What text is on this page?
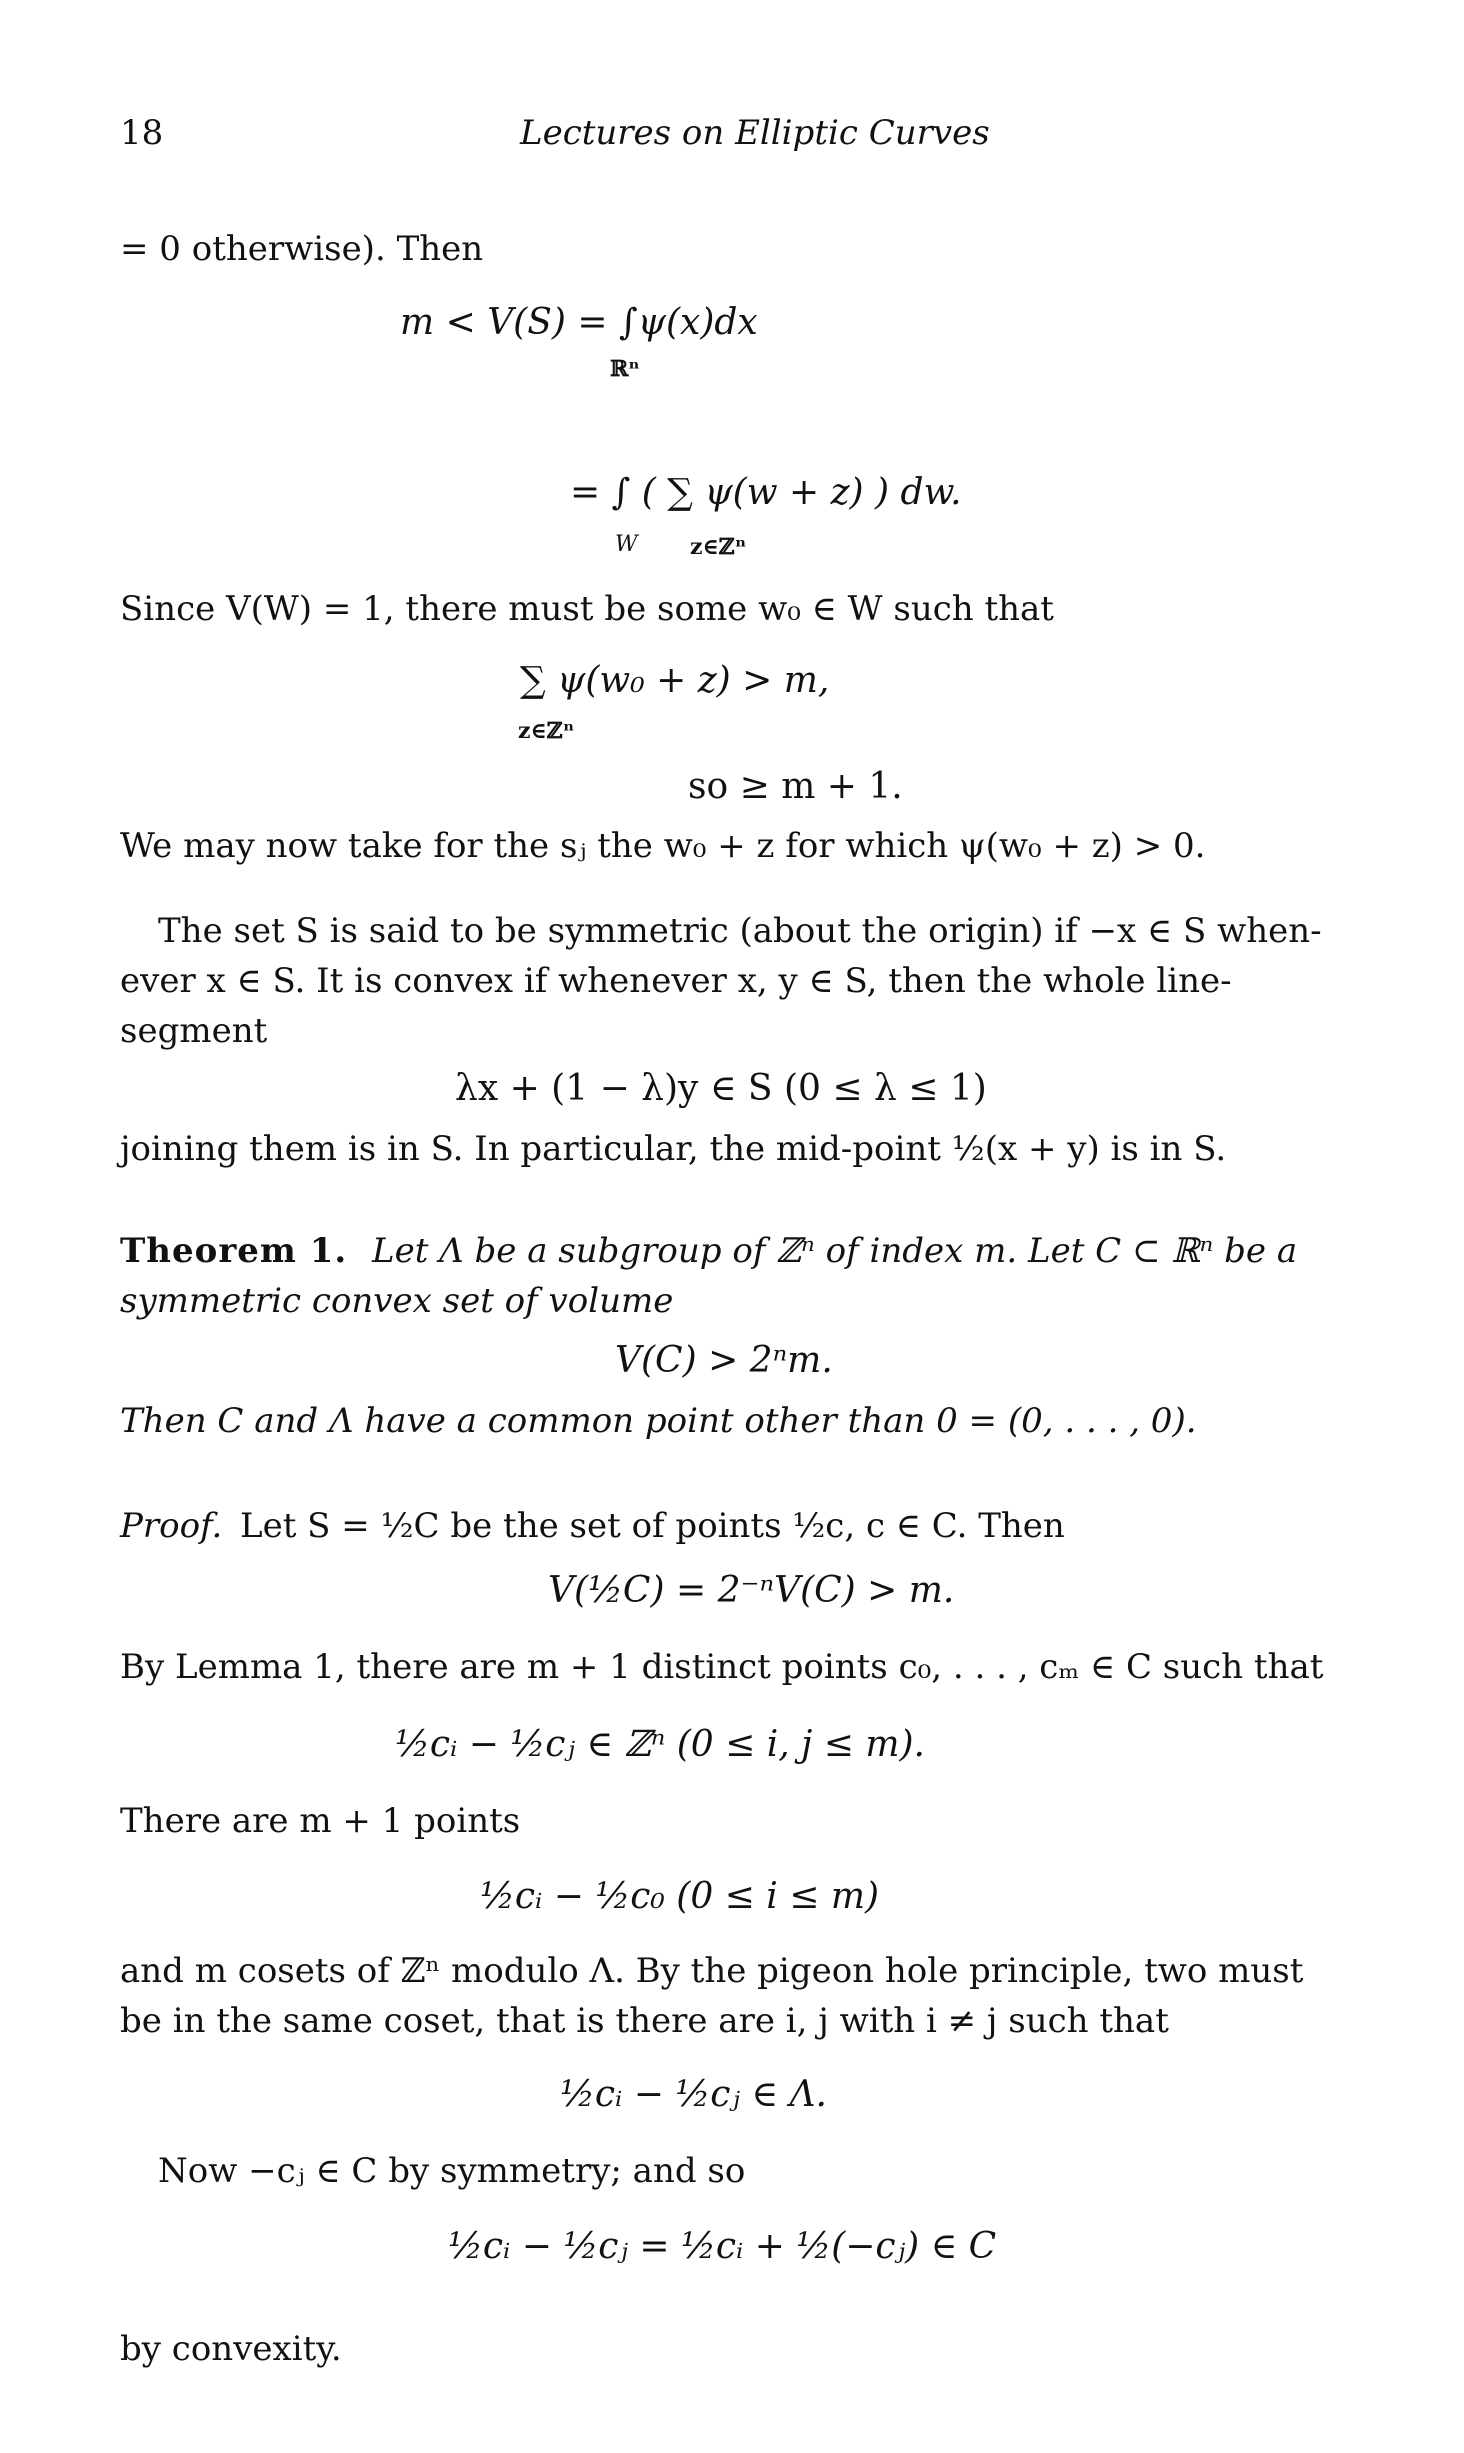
18	Lectures on Elliptic Curves
= 0 otherwise). Then
m < V(S) = ∫ψ(x)dx
ℝⁿ
= ∫ ( ∑ ψ(w + z) ) dw.
W z∈ℤⁿ
Since V(W) = 1, there must be some w₀ ∈ W such that
∑ ψ(w₀ + z) > m,
z∈ℤⁿ
so ≥ m + 1.
We may now take for the sⱼ the w₀ + z for which ψ(w₀ + z) > 0.
The set S is said to be symmetric (about the origin) if −x ∈ S when-
ever x ∈ S. It is convex if whenever x, y ∈ S, then the whole line-
segment
λx + (1 − λ)y ∈ S (0 ≤ λ ≤ 1)
joining them is in S. In particular, the mid-point ½(x + y) is in S.
Theorem 1. Let Λ be a subgroup of ℤⁿ of index m. Let C ⊂ ℝⁿ be a
symmetric convex set of volume
V(C) > 2ⁿm.
Then C and Λ have a common point other than 0 = (0, . . . , 0).
Proof. Let S = ½C be the set of points ½c, c ∈ C. Then
V(½C) = 2⁻ⁿV(C) > m.
By Lemma 1, there are m + 1 distinct points c₀, . . . , cₘ ∈ C such that
½cᵢ − ½cⱼ ∈ ℤⁿ (0 ≤ i, j ≤ m).
There are m + 1 points
½cᵢ − ½c₀ (0 ≤ i ≤ m)
and m cosets of ℤⁿ modulo Λ. By the pigeon hole principle, two must
be in the same coset, that is there are i, j with i ≠ j such that
½cᵢ − ½cⱼ ∈ Λ.
Now −cⱼ ∈ C by symmetry; and so
½cᵢ − ½cⱼ = ½cᵢ + ½(−cⱼ) ∈ C
by convexity.
